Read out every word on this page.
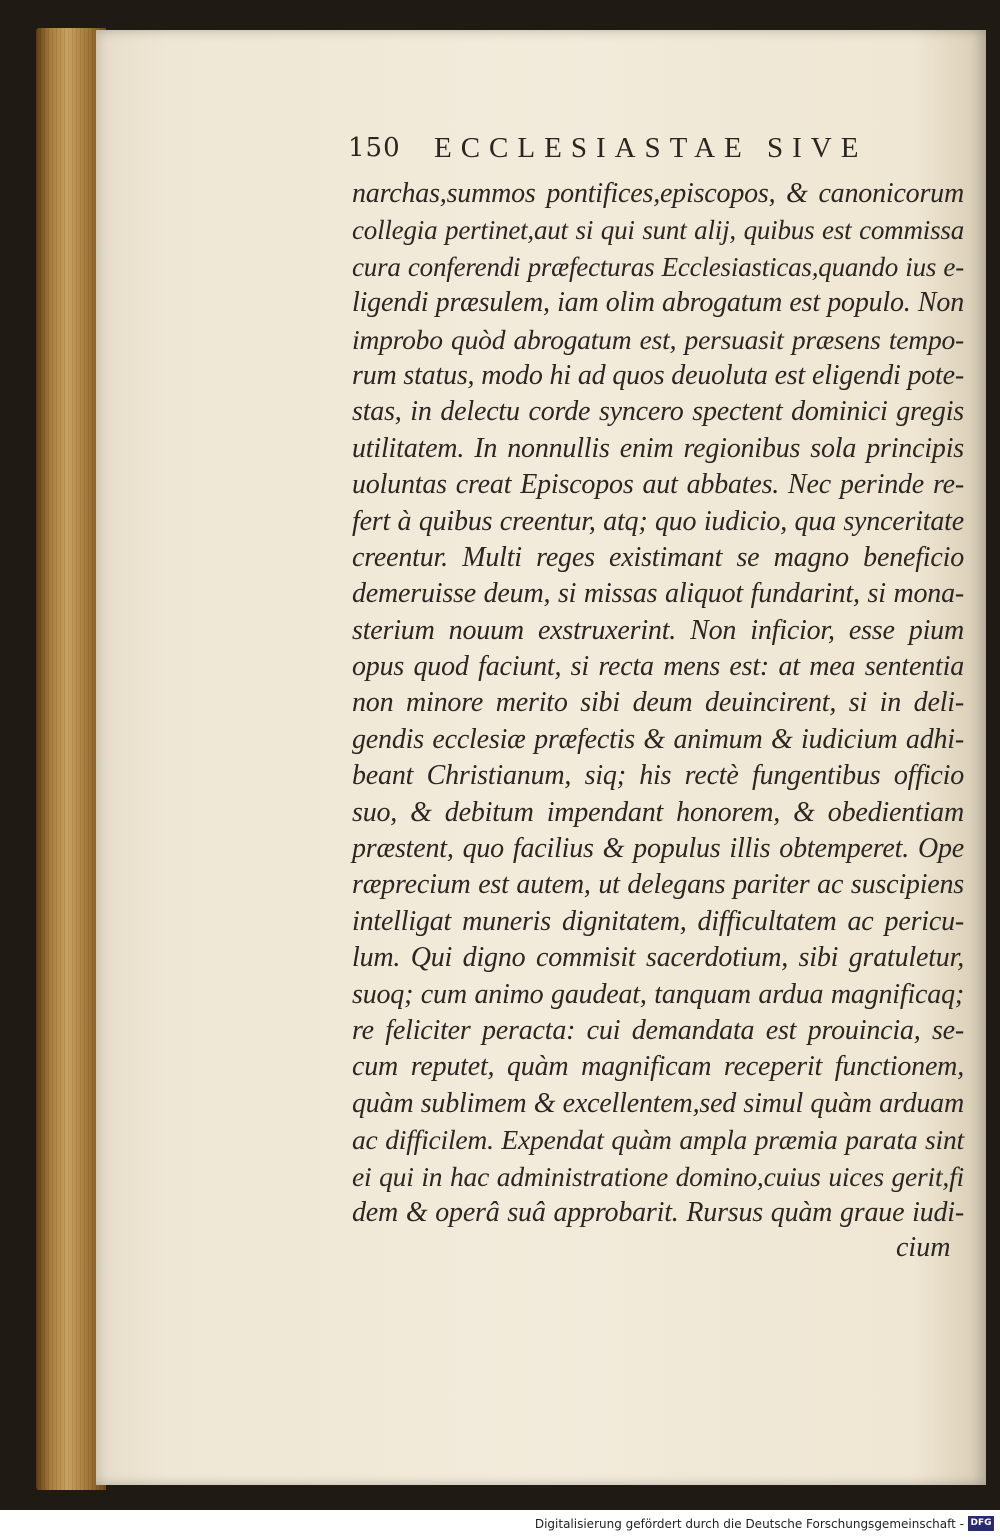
150	ECCLESIASTAE SIVE
narchas,summos pontifices,episcopos, & canonicorum
collegia pertinet,aut si qui sunt alij, quibus est commissa
cura conferendi præfecturas Ecclesiasticas,quando ius e-
ligendi præsulem, iam olim abrogatum est populo. Non
improbo quòd abrogatum est, persuasit præsens tempo-
rum status, modo hi ad quos deuoluta est eligendi pote-
stas, in delectu corde syncero spectent dominici gregis
utilitatem. In nonnullis enim regionibus sola principis
uoluntas creat Episcopos aut abbates. Nec perinde re-
fert à quibus creentur, atq; quo iudicio, qua synceritate
creentur. Multi reges existimant se magno beneficio
demeruisse deum, si missas aliquot fundarint, si mona-
sterium nouum exstruxerint. Non inficior, esse pium
opus quod faciunt, si recta mens est: at mea sententia
non minore merito sibi deum deuincirent, si in deli-
gendis ecclesiæ præfectis & animum & iudicium adhi-
beant Christianum, siq; his rectè fungentibus officio
suo, & debitum impendant honorem, & obedientiam
præstent, quo facilius & populus illis obtemperet. Ope
ræprecium est autem, ut delegans pariter ac suscipiens
intelligat muneris dignitatem, difficultatem ac pericu-
lum. Qui digno commisit sacerdotium, sibi gratuletur,
suoq; cum animo gaudeat, tanquam ardua magnificaq;
re feliciter peracta: cui demandata est prouincia, se-
cum reputet, quàm magnificam receperit functionem,
quàm sublimem & excellentem,sed simul quàm arduam
ac difficilem. Expendat quàm ampla præmia parata sint
ei qui in hac administratione domino,cuius uices gerit,fi
dem & operâ suâ approbarit. Rursus quàm graue iudi-
cium
Digitalisierung gefördert durch die Deutsche Forschungsgemeinschaft - DFG
